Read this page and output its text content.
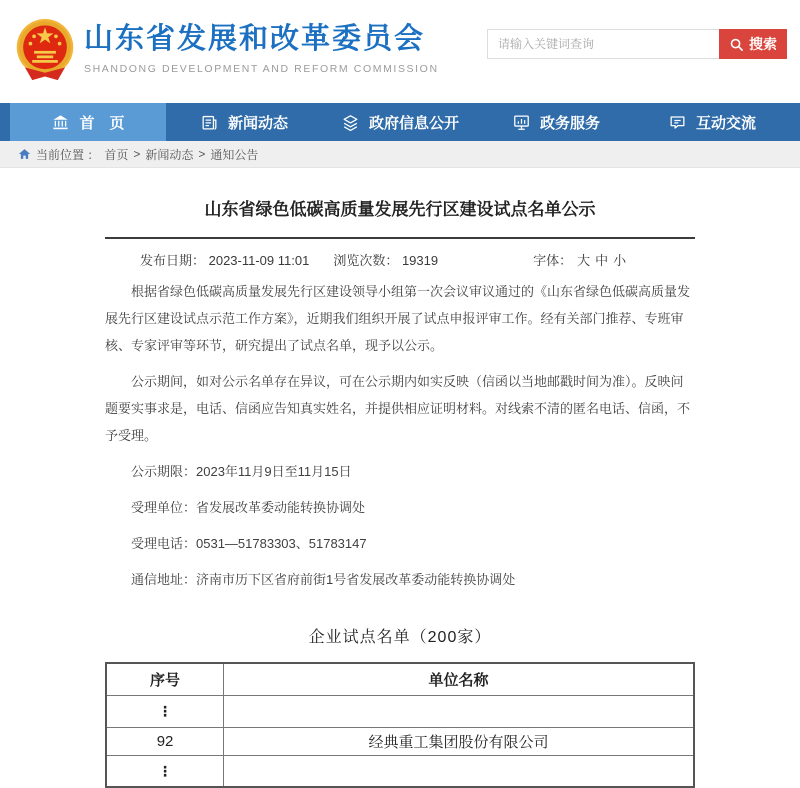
山东省发展和改革委员会
SHANDONG DEVELOPMENT AND REFORM COMMISSION
请输入关键词查询
搜索
首　页	新闻动态	政府信息公开	政务服务	互动交流
当前位置 ： 首页 > 新闻动态 > 通知公告
山东省绿色低碳高质量发展先行区建设试点名单公示
发布日期： 2023-11-09 11:01 浏览次数： 19319	字体： 大 中 小

根据省绿色低碳高质量发展先行区建设领导小组第一次会议审议通过的《山东省绿色低碳高质量发展先行区建设试点示范工作方案》，近期我们组织开展了试点申报评审工作。经有关部门推荐、专班审核、专家评审等环节，研究提出了试点名单，现予以公示。

公示期间，如对公示名单存在异议，可在公示期内如实反映（信函以当地邮戳时间为准）。反映问题要实事求是，电话、信函应告知真实姓名，并提供相应证明材料。对线索不清的匿名电话、信函，不予受理。

公示期限：2023年11月9日至11月15日

受理单位：省发展改革委动能转换协调处

受理电话：0531—51783303、51783147

通信地址：济南市历下区省府前街1号省发展改革委动能转换协调处

企业试点名单（200家）
序号	单位名称
⋮	
92	经典重工集团股份有限公司
⋮	
